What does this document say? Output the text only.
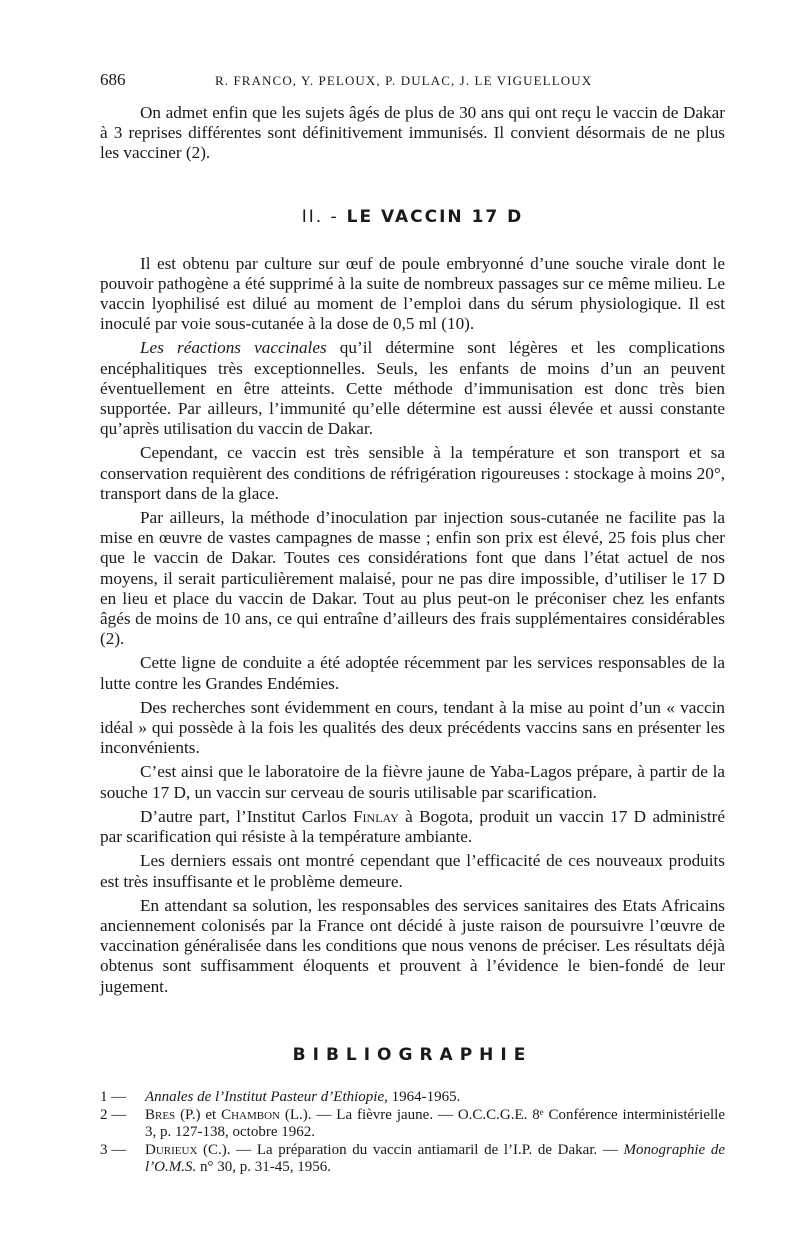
686	R. FRANCO, Y. PELOUX, P. DULAC, J. LE VIGUELLOUX

On admet enfin que les sujets âgés de plus de 30 ans qui ont reçu le vaccin de Dakar à 3 reprises différentes sont définitivement immunisés. Il convient désormais de ne plus les vacciner (2).

II. - LE VACCIN 17 D

Il est obtenu par culture sur œuf de poule embryonné d’une souche virale dont le pouvoir pathogène a été supprimé à la suite de nombreux passages sur ce même milieu. Le vaccin lyophilisé est dilué au moment de l’emploi dans du sérum physiologique. Il est inoculé par voie sous-cutanée à la dose de 0,5 ml (10).

Les réactions vaccinales qu’il détermine sont légères et les complications encéphalitiques très exceptionnelles. Seuls, les enfants de moins d’un an peuvent éventuellement en être atteints. Cette méthode d’immunisation est donc très bien supportée. Par ailleurs, l’immunité qu’elle détermine est aussi élevée et aussi constante qu’après utilisation du vaccin de Dakar.

Cependant, ce vaccin est très sensible à la température et son transport et sa conservation requièrent des conditions de réfrigération rigoureuses : stockage à moins 20°, transport dans de la glace.

Par ailleurs, la méthode d’inoculation par injection sous-cutanée ne facilite pas la mise en œuvre de vastes campagnes de masse ; enfin son prix est élevé, 25 fois plus cher que le vaccin de Dakar. Toutes ces considérations font que dans l’état actuel de nos moyens, il serait particulièrement malaisé, pour ne pas dire impossible, d’utiliser le 17 D en lieu et place du vaccin de Dakar. Tout au plus peut-on le préconiser chez les enfants âgés de moins de 10 ans, ce qui entraîne d’ailleurs des frais supplémentaires considérables (2).

Cette ligne de conduite a été adoptée récemment par les services responsables de la lutte contre les Grandes Endémies.

Des recherches sont évidemment en cours, tendant à la mise au point d’un « vaccin idéal » qui possède à la fois les qualités des deux précédents vaccins sans en présenter les inconvénients.

C’est ainsi que le laboratoire de la fièvre jaune de Yaba-Lagos prépare, à partir de la souche 17 D, un vaccin sur cerveau de souris utilisable par scarification.

D’autre part, l’Institut Carlos Finlay à Bogota, produit un vaccin 17 D administré par scarification qui résiste à la température ambiante.

Les derniers essais ont montré cependant que l’efficacité de ces nouveaux produits est très insuffisante et le problème demeure.

En attendant sa solution, les responsables des services sanitaires des Etats Africains anciennement colonisés par la France ont décidé à juste raison de poursuivre l’œuvre de vaccination généralisée dans les conditions que nous venons de préciser. Les résultats déjà obtenus sont suffisamment éloquents et prouvent à l’évidence le bien-fondé de leur jugement.

BIBLIOGRAPHIE
1 — Annales de l’Institut Pasteur d’Ethiopie, 1964-1965.
2 — Bres (P.) et Chambon (L.). — La fièvre jaune. — O.C.C.G.E. 8ᵉ Conférence interministérielle 3, p. 127-138, octobre 1962.
3 — Durieux (C.). — La préparation du vaccin antiamaril de l’I.P. de Dakar. — Monographie de l’O.M.S. n° 30, p. 31-45, 1956.
